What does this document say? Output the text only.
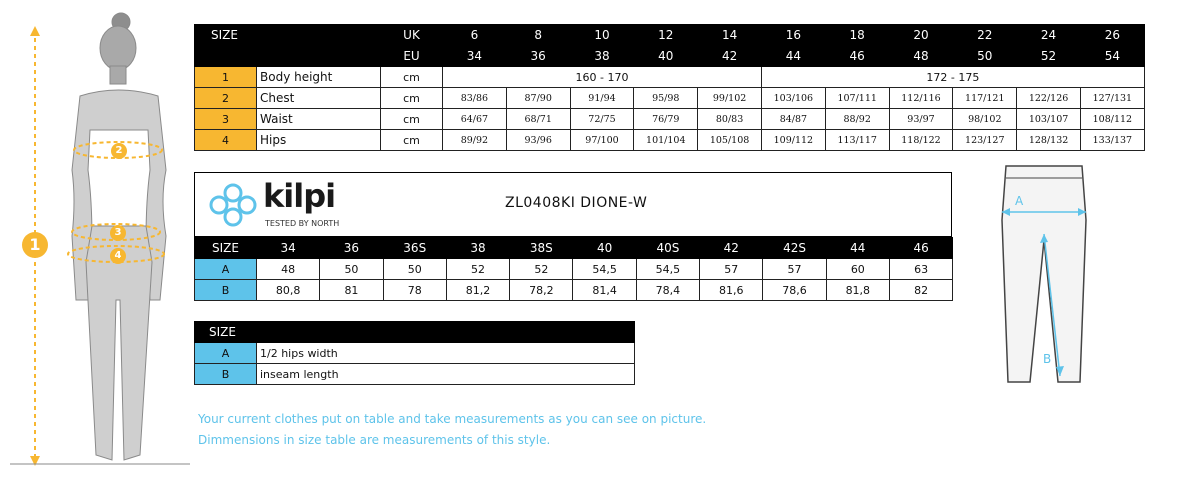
1
2
3
4
SIZE		UK	6	8	10	12	14	16	18	20	22	24	26
		EU	34	36	38	40	42	44	46	48	50	52	54
1	Body height	cm	160 - 170					172 - 175					
2	Chest	cm	83/86	87/90	91/94	95/98	99/102	103/106	107/111	112/116	117/121	122/126	127/131
3	Waist	cm	64/67	68/71	72/75	76/79	80/83	84/87	88/92	93/97	98/102	103/107	108/112
4	Hips	cm	89/92	93/96	97/100	101/104	105/108	109/112	113/117	118/122	123/127	128/132	133/137
kilpi
TESTED BY NORTH
ZL0408KI DIONE-W
SIZE	34	36	36S	38	38S	40	40S	42	42S	44	46
A	48	50	50	52	52	54,5	54,5	57	57	60	63
B	80,8	81	78	81,2	78,2	81,4	78,4	81,6	78,6	81,8	82
SIZE	
A	1/2 hips width
B	inseam length
Your current clothes put on table and take measurements as you can see on picture.
Dimmensions in size table are measurements of this style.
A
B
